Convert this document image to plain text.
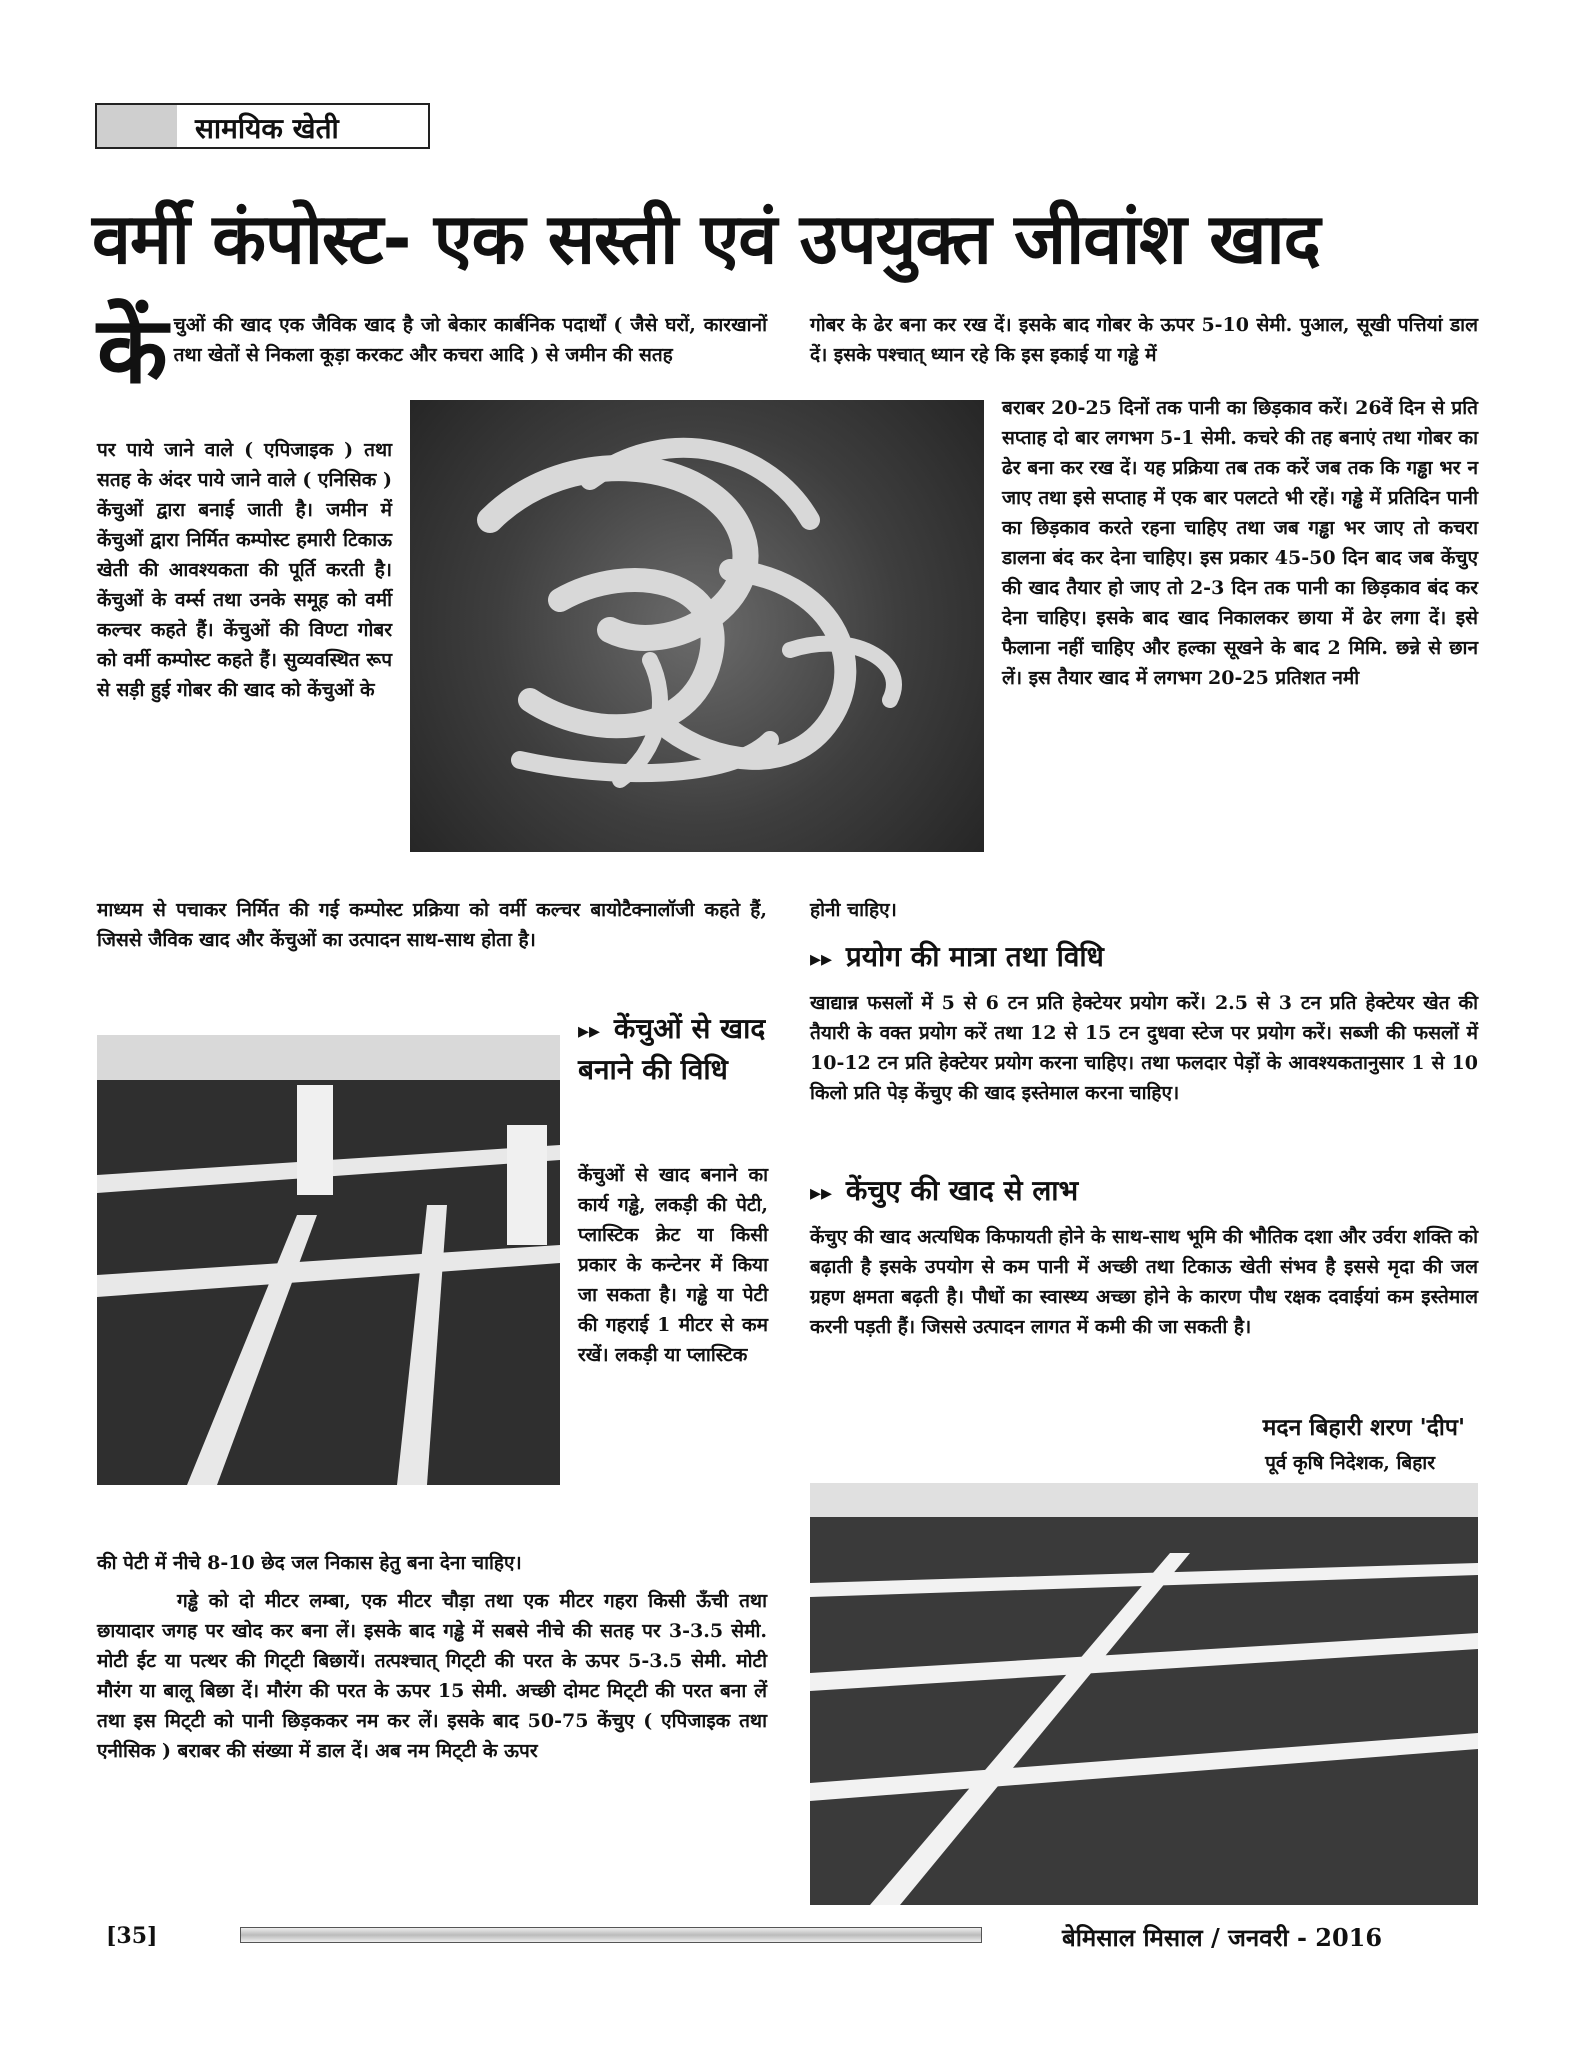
सामयिक खेती
वर्मी कंपोस्ट- एक सस्ती एवं उपयुक्त जीवांश खाद

केंचुओं की खाद एक जैविक खाद है जो बेकार कार्बनिक पदार्थों ( जैसे घरों, कारखानों तथा खेतों से निकला कूड़ा करकट और कचरा आदि ) से जमीन की सतह

पर पाये जाने वाले ( एपिजाइक ) तथा सतह के अंदर पाये जाने वाले ( एनिसिक ) केंचुओं द्वारा बनाई जाती है। जमीन में केंचुओं द्वारा निर्मित कम्पोस्ट हमारी टिकाऊ खेती की आवश्यकता की पूर्ति करती है। केंचुओं के वर्म्स तथा उनके समूह को वर्मी कल्चर कहते हैं। केंचुओं की विण्टा गोबर को वर्मी कम्पोस्ट कहते हैं। सुव्यवस्थित रूप से सड़ी हुई गोबर की खाद को केंचुओं के

माध्यम से पचाकर निर्मित की गई कम्पोस्ट प्रक्रिया को वर्मी कल्चर बायोटैक्नालॉजी कहते हैं, जिससे जैविक खाद और केंचुओं का उत्पादन साथ-साथ होता है।

▸▸ केंचुओं से खाद बनाने की विधि

केंचुओं से खाद बनाने का कार्य गड्ढे, लकड़ी की पेटी, प्लास्टिक क्रेट या किसी प्रकार के कन्टेनर में किया जा सकता है। गड्ढे या पेटी की गहराई 1 मीटर से कम रखें। लकड़ी या प्लास्टिक

की पेटी में नीचे 8-10 छेद जल निकास हेतु बना देना चाहिए।

गड्ढे को दो मीटर लम्बा, एक मीटर चौड़ा तथा एक मीटर गहरा किसी ऊँची तथा छायादार जगह पर खोद कर बना लें। इसके बाद गड्ढे में सबसे नीचे की सतह पर 3-3.5 सेमी. मोटी ईट या पत्थर की गिट्‌टी बिछायें। तत्पश्चात्‌ गिट्‌टी की परत के ऊपर 5-3.5 सेमी. मोटी मौरंग या बालू बिछा दें। मौरंग की परत के ऊपर 15 सेमी. अच्छी दोमट मिट्‌टी की परत बना लें तथा इस मिट्‌टी को पानी छिड़ककर नम कर लें। इसके बाद 50-75 केंचुए ( एपिजाइक तथा एनीसिक ) बराबर की संख्या में डाल दें। अब नम मिट्‌टी के ऊपर

गोबर के ढेर बना कर रख दें। इसके बाद गोबर के ऊपर 5-10 सेमी. पुआल, सूखी पत्तियां डाल दें। इसके पश्चात्‌ ध्यान रहे कि इस इकाई या गड्ढे में

बराबर 20-25 दिनों तक पानी का छिड़काव करें। 26वें दिन से प्रति सप्ताह दो बार लगभग 5-1 सेमी. कचरे की तह बनाएं तथा गोबर का ढेर बना कर रख दें। यह प्रक्रिया तब तक करें जब तक कि गड्ढा भर न जाए तथा इसे सप्ताह में एक बार पलटते भी रहें। गड्ढे में प्रतिदिन पानी का छिड़काव करते रहना चाहिए तथा जब गड्ढा भर जाए तो कचरा डालना बंद कर देना चाहिए। इस प्रकार 45-50 दिन बाद जब केंचुए की खाद तैयार हो जाए तो 2-3 दिन तक पानी का छिड़काव बंद कर देना चाहिए। इसके बाद खाद निकालकर छाया में ढेर लगा दें। इसे फैलाना नहीं चाहिए और हल्का सूखने के बाद 2 मिमि. छन्ने से छान लें। इस तैयार खाद में लगभग 20-25 प्रतिशत नमी

होनी चाहिए।

▸▸ प्रयोग की मात्रा तथा विधि

खाद्यान्न फसलों में 5 से 6 टन प्रति हेक्टेयर प्रयोग करें। 2.5 से 3 टन प्रति हेक्टेयर खेत की तैयारी के वक्त प्रयोग करें तथा 12 से 15 टन दुधवा स्टेज पर प्रयोग करें। सब्जी की फसलों में 10-12 टन प्रति हेक्टेयर प्रयोग करना चाहिए। तथा फलदार पेड़ों के आवश्यकतानुसार 1 से 10 किलो प्रति पेड़ केंचुए की खाद इस्तेमाल करना चाहिए।

▸▸ केंचुए की खाद से लाभ

केंचुए की खाद अत्यधिक किफायती होने के साथ-साथ भूमि की भौतिक दशा और उर्वरा शक्ति को बढ़ाती है इसके उपयोग से कम पानी में अच्छी तथा टिकाऊ खेती संभव है इससे मृदा की जल ग्रहण क्षमता बढ़ती है। पौधों का स्वास्थ्य अच्छा होने के कारण पौध रक्षक दवाईयां कम इस्तेमाल करनी पड़ती हैं। जिससे उत्पादन लागत में कमी की जा सकती है।

मदन बिहारी शरण 'दीप'
पूर्व कृषि निदेशक, बिहार
[35]	बेमिसाल मिसाल / जनवरी - 2016
